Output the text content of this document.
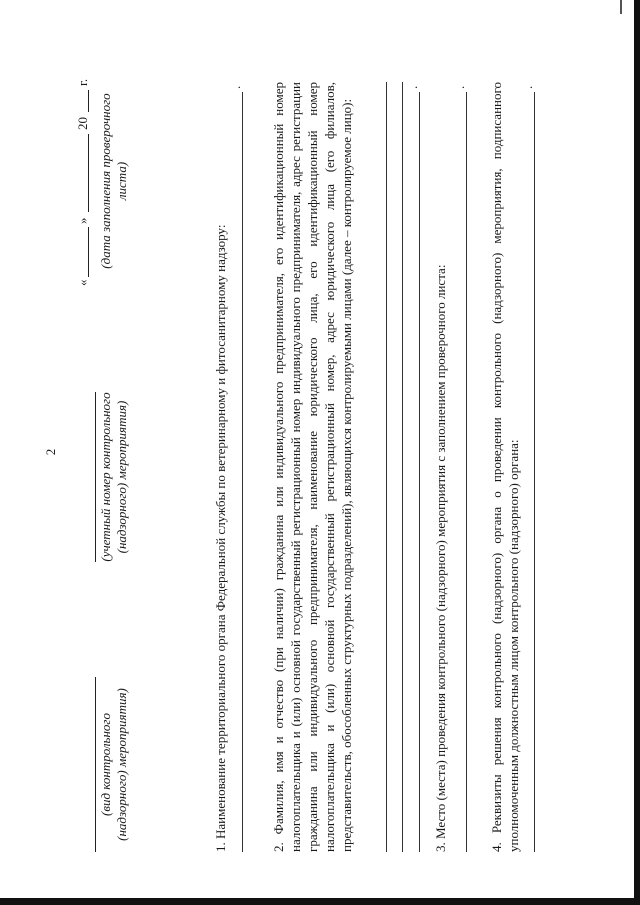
2
(вид контрольного (надзорного) мероприятия)
(учетный номер контрольного (надзорного) мероприятия)
«
»
20
г.
(дата заполнения проверочного листа)
1. Наименование территориального органа Федеральной службы по ветеринарному и фитосанитарному надзору:
. 2. Фамилия, имя и отчество (при наличии) гражданина или индивидуального предпринимателя, его идентификационный номер налогоплательщика и (или) основной государственный регистрационный номер индивидуального предпринимателя, адрес регистрации гражданина или индивидуального предпринимателя, наименование юридического лица, его идентификационный номер налогоплательщика и (или) основной государственный регистрационный номер, адрес юридического лица (его филиалов, представительств, обособленных структурных подразделений), являющихся контролируемыми лицами (далее – контролируемое лицо):
.
3. Место (места) проведения контрольного (надзорного) мероприятия с заполнением проверочного листа:
. 4. Реквизиты решения контрольного (надзорного) органа о проведении контрольного (надзорного) мероприятия, подписанного уполномоченным должностным лицом контрольного (надзорного) органа:
.
